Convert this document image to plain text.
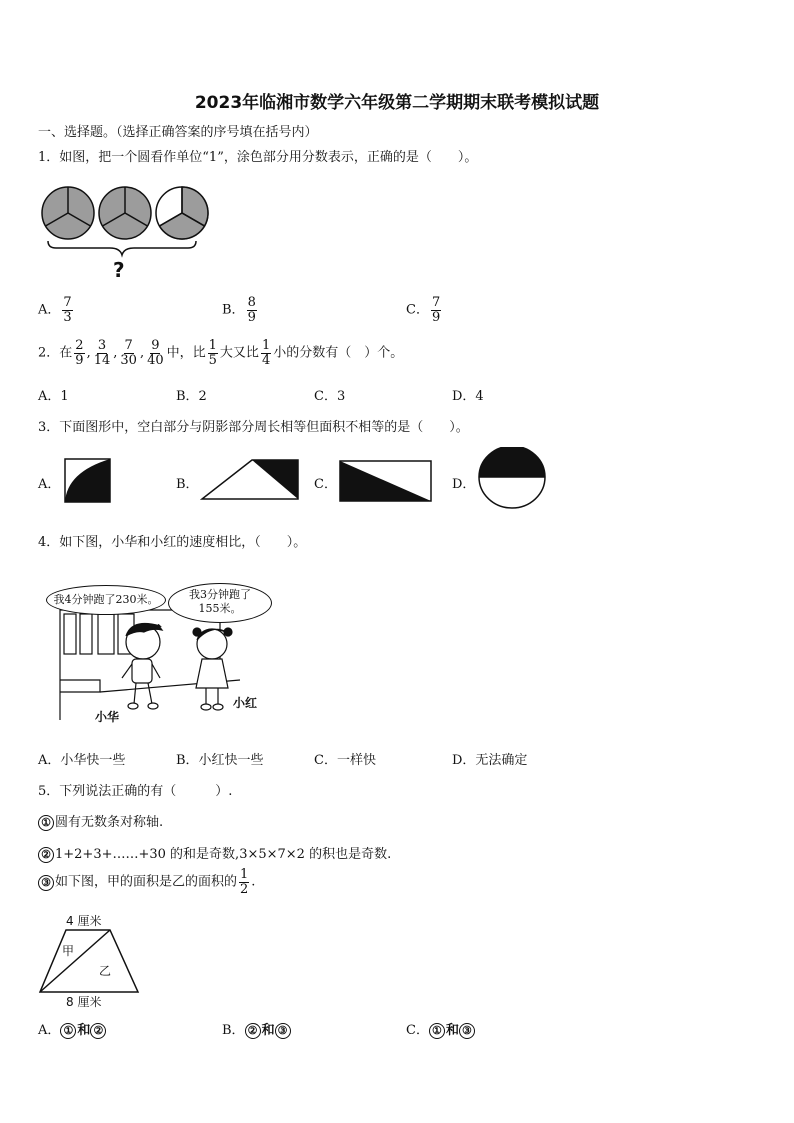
2023年临湘市数学六年级第二学期期末联考模拟试题
一、选择题。（选择正确答案的序号填在括号内）
1．如图，把一个圆看作单位“1”，涂色部分用分数表示，正确的是（　　）。
?
A． $\frac{7}{3}$	B． $\frac{8}{9}$	C． $\frac{7}{9}$
2．在 $\frac{2}{9}$ , $\frac{3}{14}$ , $\frac{7}{30}$ , $\frac{9}{40}$ 中，比 $\frac{1}{5}$ 大又比 $\frac{1}{4}$ 小的分数有（　）个。
A．1	B．2	C．3	D．4
3．下面图形中，空白部分与阴影部分周长相等但面积不相等的是（　　）。
A．	B．	C．	D．
4．如下图，小华和小红的速度相比，（　　）。
我4分钟跑了230米。	我3分钟跑了
155米。
小华
小红
A．小华快一些	B．小红快一些	C．一样快	D．无法确定
5．下列说法正确的有（　　　）.
① 圆有无数条对称轴.
② 1+2+3+……+30 的和是奇数,3×5×7×2 的积也是奇数.
③ 如下图，甲的面积是乙的面积的 $\frac{1}{2}$ .
4 厘米
甲
乙
8 厘米
A． ① 和 ②	B． ② 和 ③	C． ① 和 ③
